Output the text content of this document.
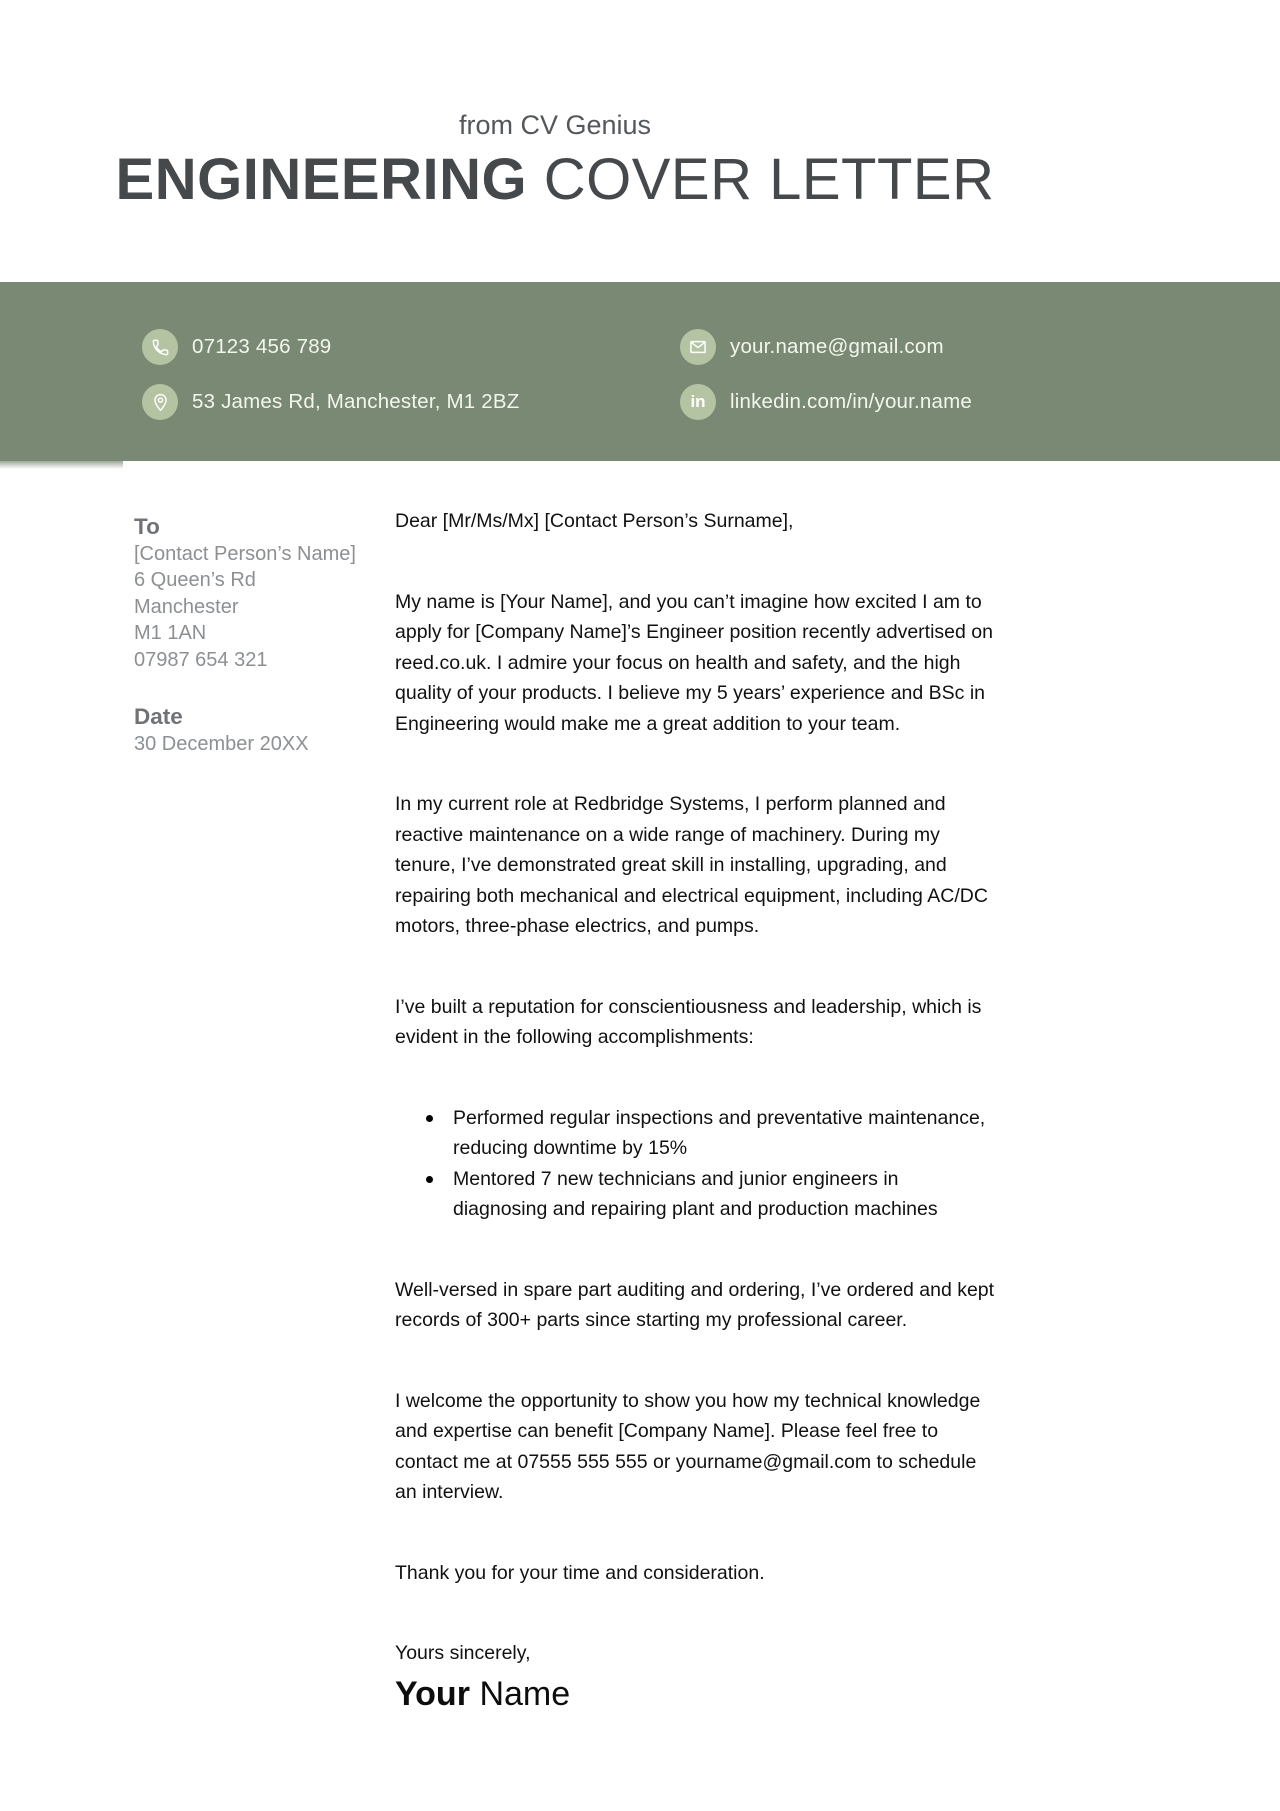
from CV Genius
ENGINEERING COVER LETTER
07123 456 789
53 James Rd, Manchester, M1 2BZ
your.name@gmail.com
in linkedin.com/in/your.name
To
[Contact Person’s Name]
6 Queen’s Rd
Manchester
M1 1AN
07987 654 321
Date
30 December 20XX

Dear [Mr/Ms/Mx] [Contact Person’s Surname],

My name is [Your Name], and you can’t imagine how excited I am to apply for [Company Name]’s Engineer position recently advertised on reed.co.uk. I admire your focus on health and safety, and the high quality of your products. I believe my 5 years’ experience and BSc in Engineering would make me a great addition to your team.

In my current role at Redbridge Systems, I perform planned and reactive maintenance on a wide range of machinery. During my tenure, I’ve demonstrated great skill in installing, upgrading, and repairing both mechanical and electrical equipment, including AC/DC motors, three-phase electrics, and pumps.

I’ve built a reputation for conscientiousness and leadership, which is evident in the following accomplishments:

Performed regular inspections and preventative maintenance, reducing downtime by 15%
Mentored 7 new technicians and junior engineers in diagnosing and repairing plant and production machines

Well-versed in spare part auditing and ordering, I’ve ordered and kept records of 300+ parts since starting my professional career.

I welcome the opportunity to show you how my technical knowledge and expertise can benefit [Company Name]. Please feel free to contact me at 07555 555 555 or yourname@gmail.com to schedule an interview.

Thank you for your time and consideration.

Yours sincerely,

Your Name
